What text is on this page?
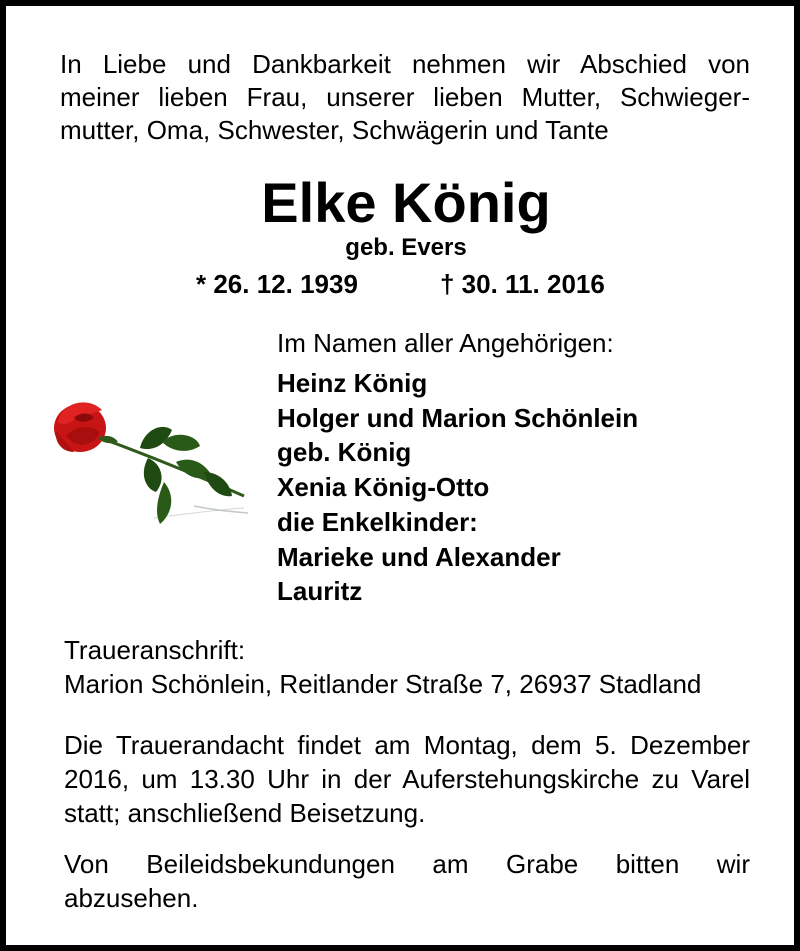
In Liebe und Dankbarkeit nehmen wir Abschied von
meiner lieben Frau, unserer lieben Mutter, Schwieger-
mutter, Oma, Schwester, Schwägerin und Tante
Elke König
geb. Evers
* 26. 12. 1939	† 30. 11. 2016
Im Namen aller Angehörigen:
Heinz König
Holger und Marion Schönlein
geb. König
Xenia König-Otto
die Enkelkinder:
Marieke und Alexander
Lauritz
Traueranschrift:
Marion Schönlein, Reitlander Straße 7, 26937 Stadland
Die Trauerandacht findet am Montag, dem 5. Dezember
2016, um 13.30 Uhr in der Auferstehungskirche zu Varel
statt; anschließend Beisetzung.
Von Beileidsbekundungen am Grabe bitten wir
abzusehen.
